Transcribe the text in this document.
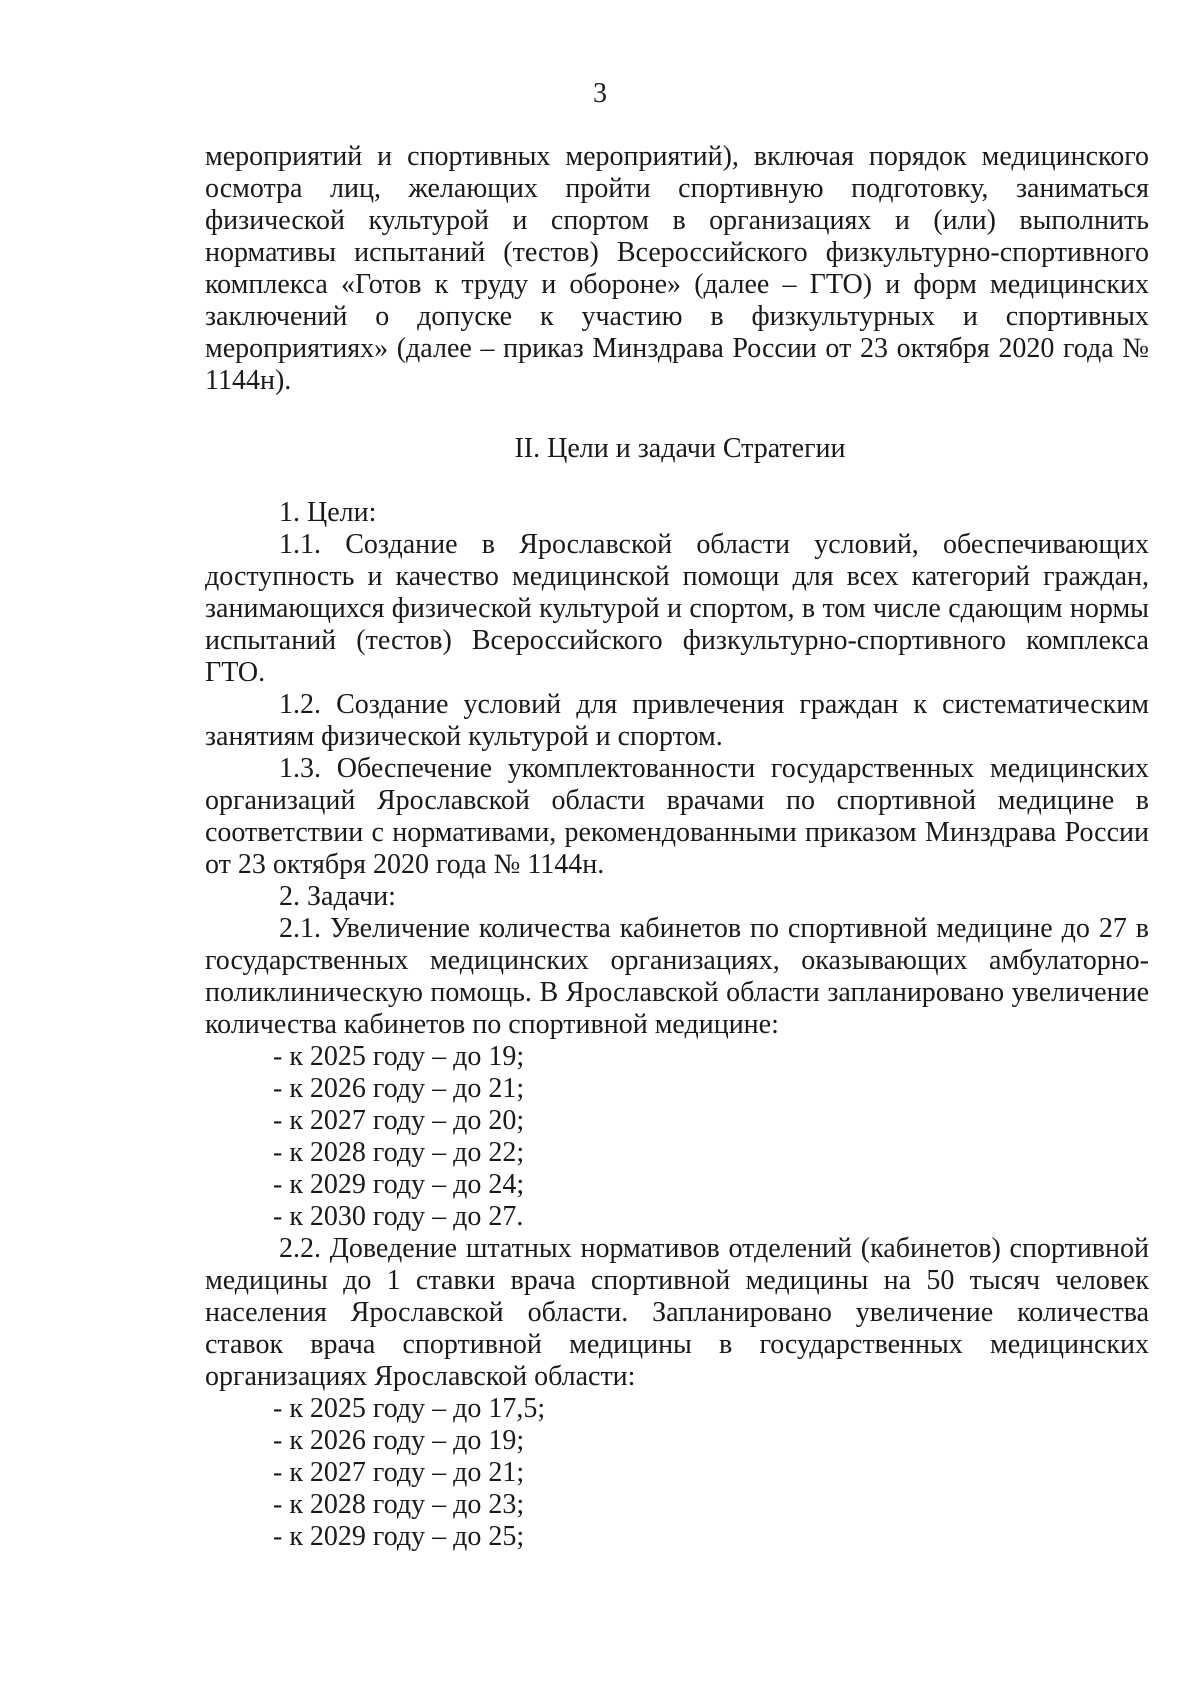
3
мероприятий и спортивных мероприятий), включая порядок медицинского осмотра лиц, желающих пройти спортивную подготовку, заниматься физической культурой и спортом в организациях и (или) выполнить нормативы испытаний (тестов) Всероссийского физкультурно-спортивного комплекса «Готов к труду и обороне» (далее – ГТО) и форм медицинских заключений о допуске к участию в физкультурных и спортивных мероприятиях» (далее – приказ Минздрава России от 23 октября 2020 года № 1144н).
II. Цели и задачи Стратегии

1. Цели:

1.1. Создание в Ярославской области условий, обеспечивающих доступность и качество медицинской помощи для всех категорий граждан, занимающихся физической культурой и спортом, в том числе сдающим нормы испытаний (тестов) Всероссийского физкультурно-спортивного комплекса ГТО.

1.2. Создание условий для привлечения граждан к систематическим занятиям физической культурой и спортом.

1.3. Обеспечение укомплектованности государственных медицинских организаций Ярославской области врачами по спортивной медицине в соответствии с нормативами, рекомендованными приказом Минздрава России от 23 октября 2020 года № 1144н.

2. Задачи:

2.1. Увеличение количества кабинетов по спортивной медицине до 27 в государственных медицинских организациях, оказывающих амбулаторно-поликлиническую помощь. В Ярославской области запланировано увеличение количества кабинетов по спортивной медицине:

- к 2025 году – до 19;
- к 2026 году – до 21;
- к 2027 году – до 20;
- к 2028 году – до 22;
- к 2029 году – до 24;
- к 2030 году – до 27.

2.2. Доведение штатных нормативов отделений (кабинетов) спортивной медицины до 1 ставки врача спортивной медицины на 50 тысяч человек населения Ярославской области. Запланировано увеличение количества ставок врача спортивной медицины в государственных медицинских организациях Ярославской области:

- к 2025 году – до 17,5;
- к 2026 году – до 19;
- к 2027 году – до 21;
- к 2028 году – до 23;
- к 2029 году – до 25;
